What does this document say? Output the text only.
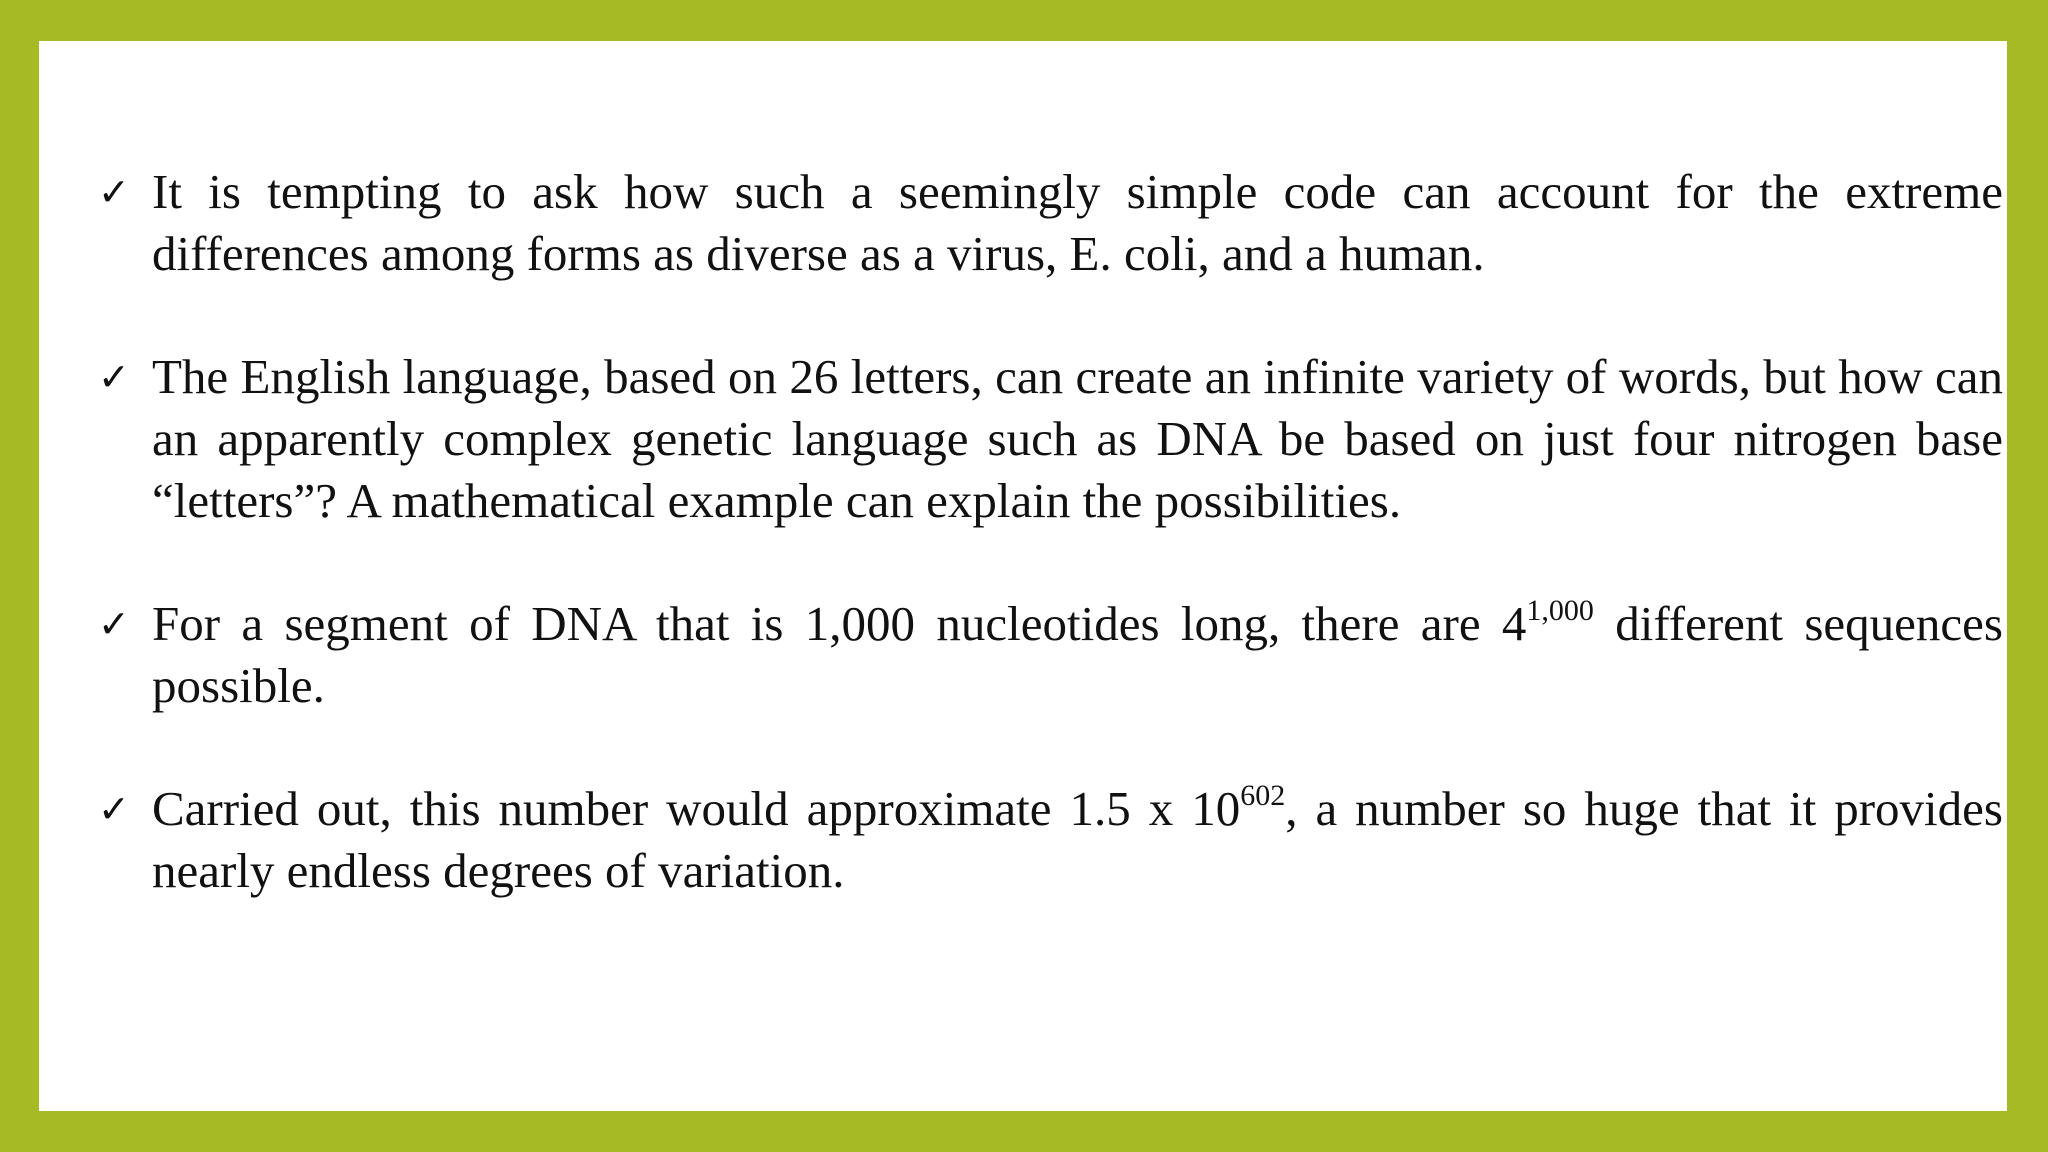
✓ It is tempting to ask how such a seemingly simple code can account for the extreme differences among forms as diverse as a virus, E. coli, and a human.
✓ The English language, based on 26 letters, can create an infinite variety of words, but how can an apparently complex genetic language such as DNA be based on just four nitrogen base “letters”? A mathematical example can explain the possibilities.
✓ For a segment of DNA that is 1,000 nucleotides long, there are 4$^{1,000}$ different sequences possible.
✓ Carried out, this number would approximate 1.5 x $10^{602}$, a number so huge that it provides nearly endless degrees of variation.
